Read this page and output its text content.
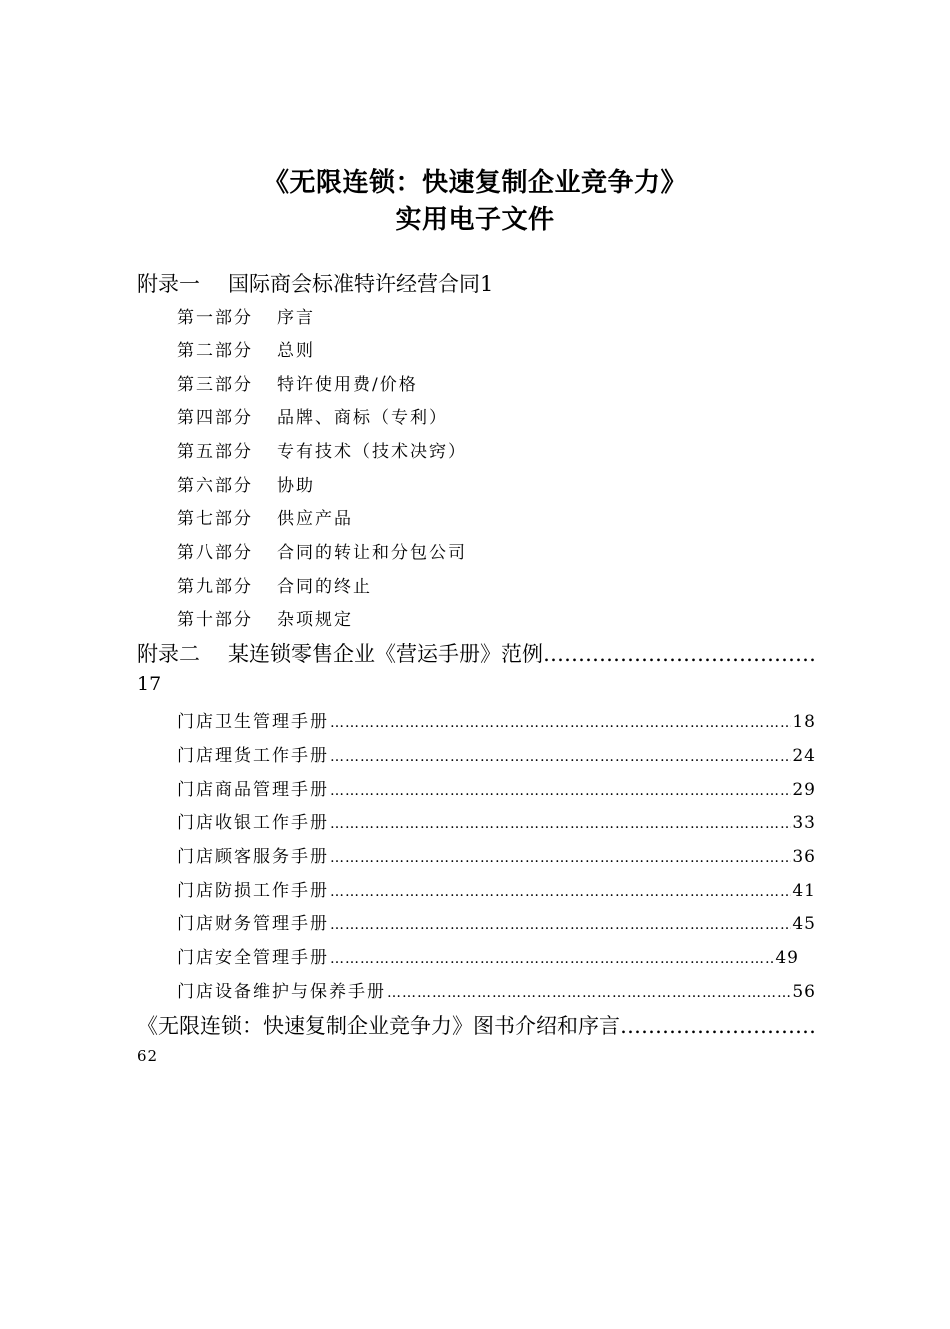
《无限连锁：快速复制企业竞争力》
实用电子文件
附录一 国际商会标准特许经营合同1
第一部分 序言
第二部分 总则
第三部分 特许使用费/价格
第四部分 品牌、商标（专利）
第五部分 专有技术（技术决窍）
第六部分 协助
第七部分 供应产品
第八部分 合同的转让和分包公司
第九部分 合同的终止
第十部分 杂项规定
附录二 某连锁零售企业《营运手册》范例
…………………………………………………………………………………………
17
门店卫生管理手册 ……………………………………………………………………………………………………………………………	18
门店理货工作手册 ……………………………………………………………………………………………………………………………	24
门店商品管理手册 ……………………………………………………………………………………………………………………………	29
门店收银工作手册 ……………………………………………………………………………………………………………………………	33
门店顾客服务手册 ……………………………………………………………………………………………………………………………	36
门店防损工作手册 ……………………………………………………………………………………………………………………………	41
门店财务管理手册 ……………………………………………………………………………………………………………………………	45
门店安全管理手册 ……………………………………………………………………………………………………………………………	49
门店设备维护与保养手册 ……………………………………………………………………………………………………………………………	56
《无限连锁：快速复制企业竞争力》图书介绍和序言
…………………………………………………………………………………………
62
